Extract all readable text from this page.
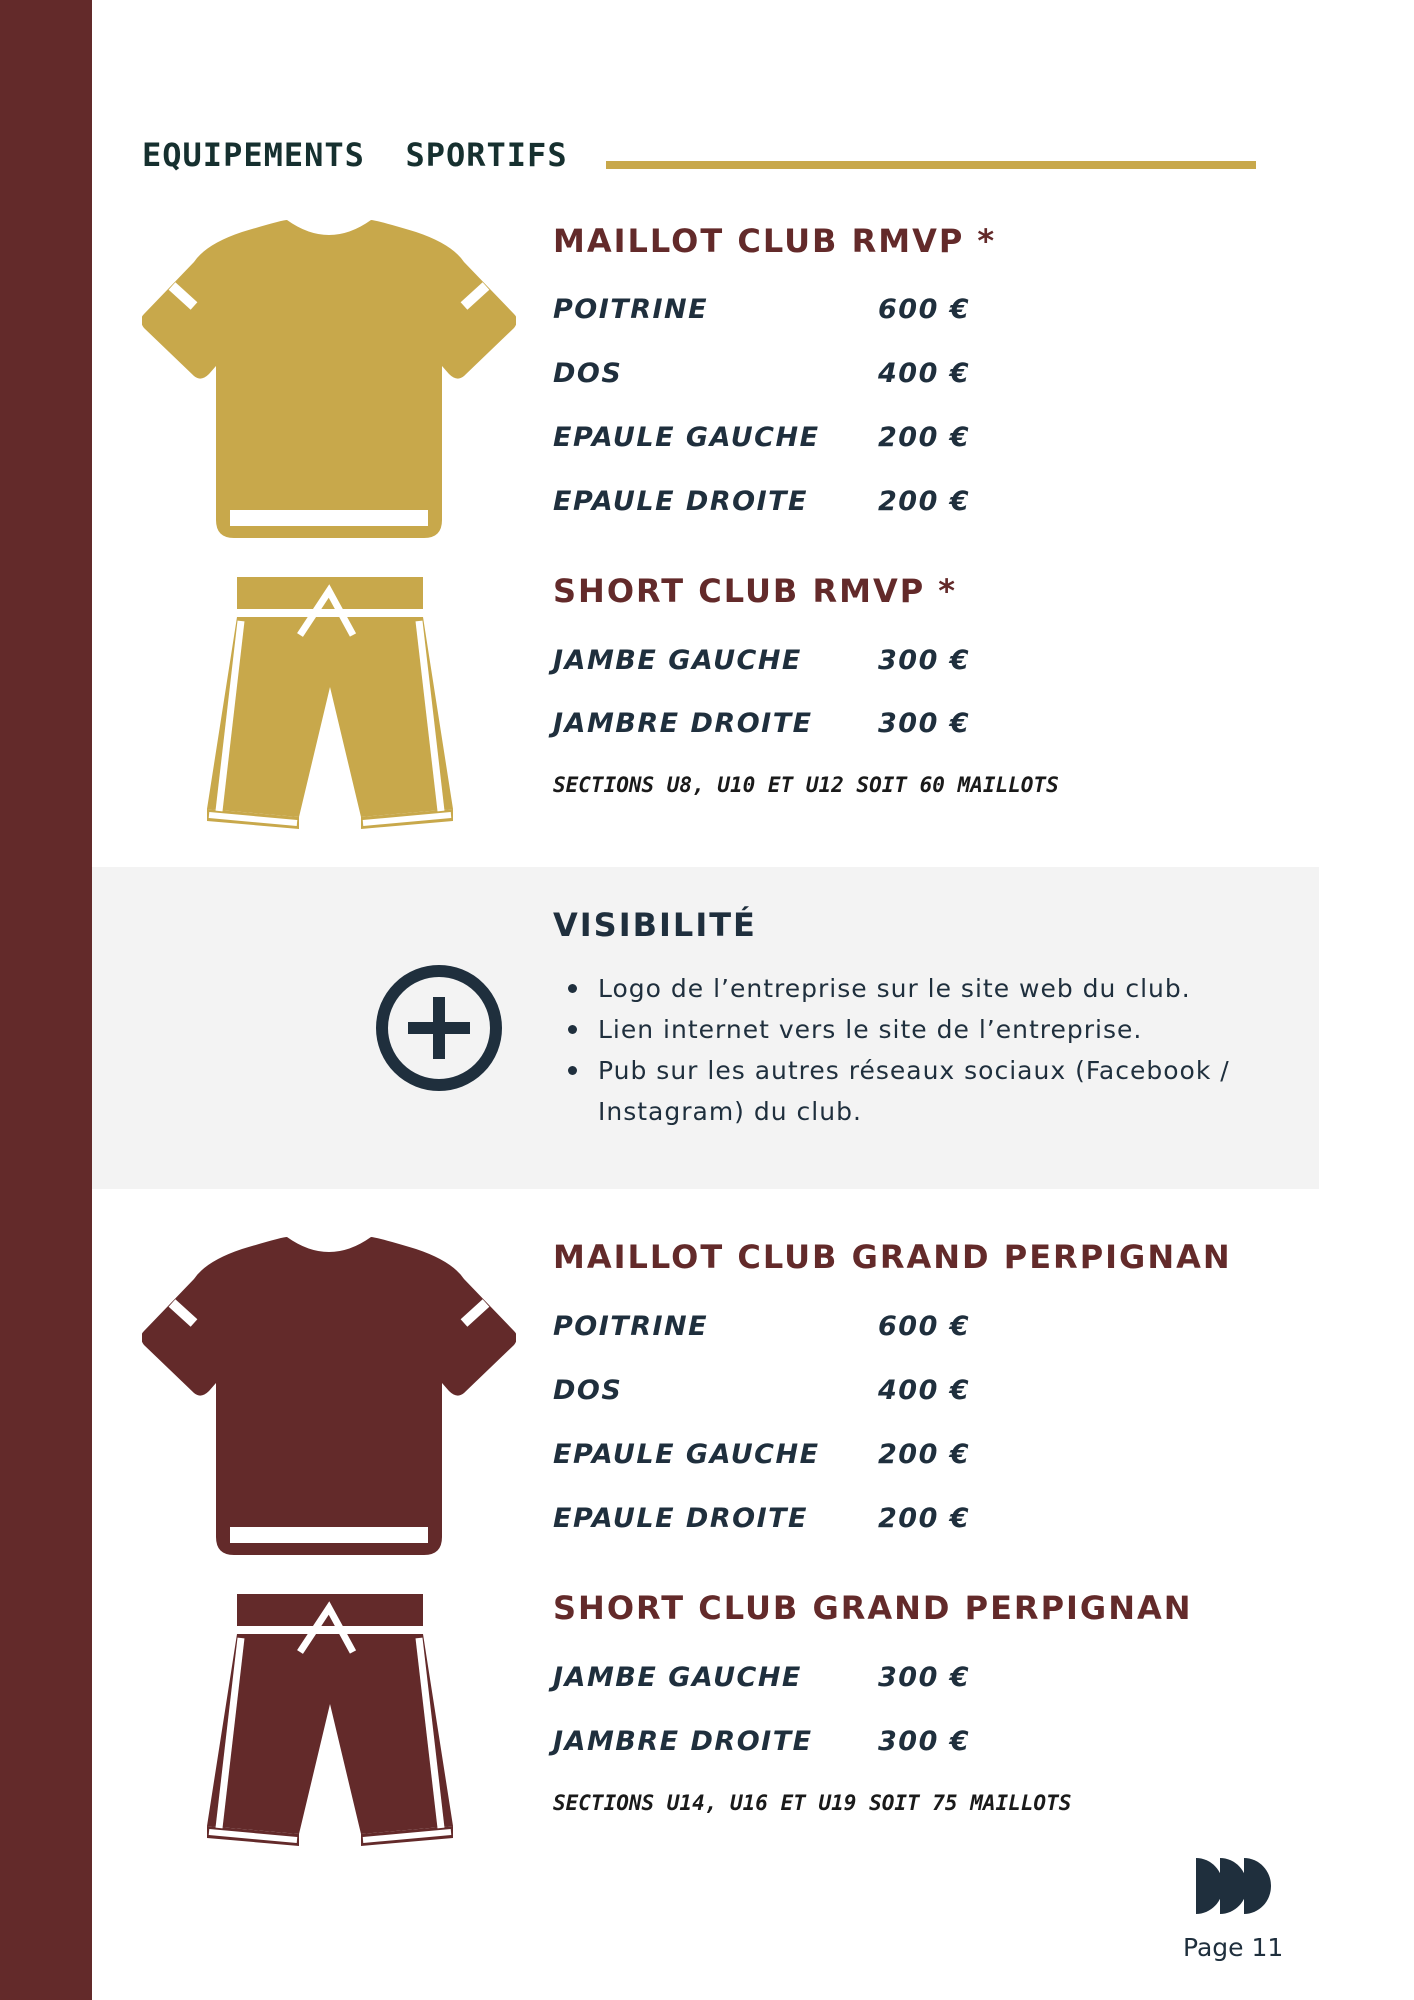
EQUIPEMENTS  SPORTIFS
MAILLOT CLUB RMVP *
POITRINE	600 €
DOS	400 €
EPAULE GAUCHE 200 €
EPAULE DROITE	200 €
SHORT CLUB RMVP *
JAMBE GAUCHE	300 €
JAMBRE DROITE 300 €
SECTIONS U8, U10 ET U12 SOIT 60 MAILLOTS
VISIBILITÉ
Logo de l’entreprise sur le site web du club.
Lien internet vers le site de l’entreprise.
Pub sur les autres réseaux sociaux (Facebook / Instagram) du club.
MAILLOT CLUB GRAND PERPIGNAN
POITRINE	600 €
DOS	400 €
EPAULE GAUCHE 200 €
EPAULE DROITE	200 €
SHORT CLUB GRAND PERPIGNAN
JAMBE GAUCHE	300 €
JAMBRE DROITE 300 €
SECTIONS U14, U16 ET U19 SOIT 75 MAILLOTS
Page 11
